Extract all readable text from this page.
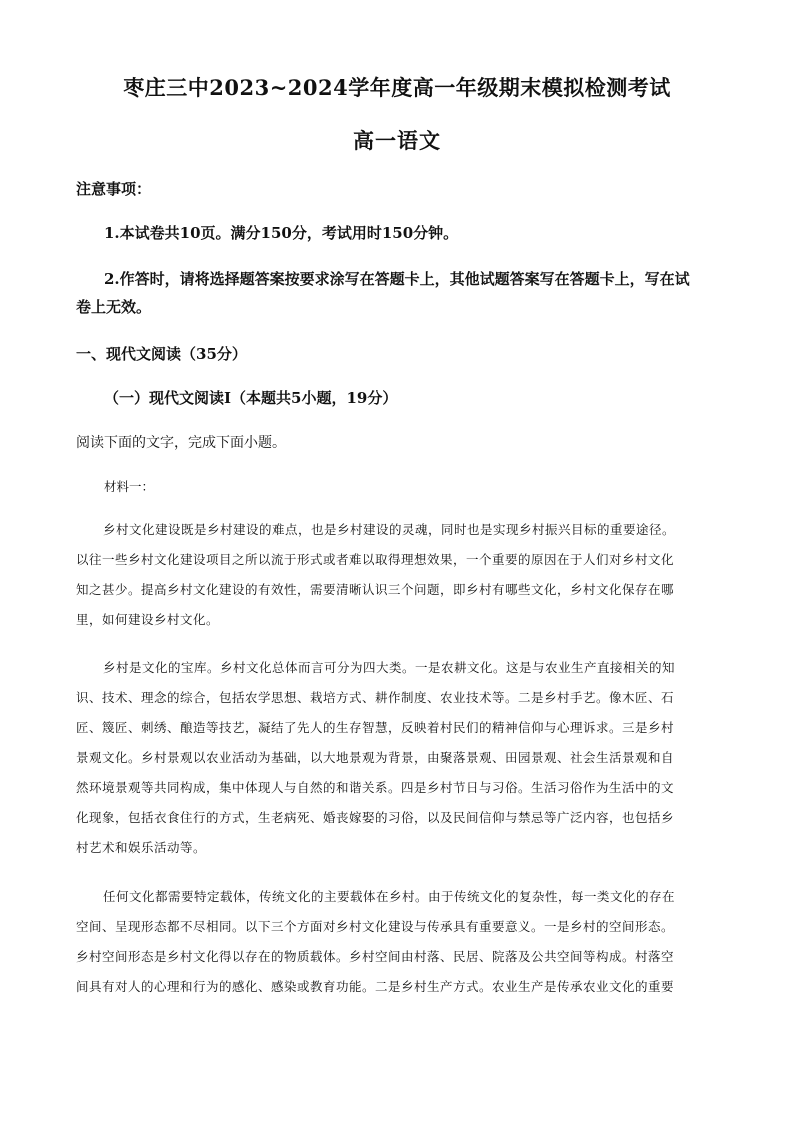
枣庄三中2023~2024学年度高一年级期末模拟检测考试
高一语文
注意事项：
1.本试卷共10页。满分150分，考试用时150分钟。
2.作答时，请将选择题答案按要求涂写在答题卡上，其他试题答案写在答题卡上，写在试
卷上无效。
一、现代文阅读（35分）
（一）现代文阅读Ⅰ（本题共5小题，19分）
阅读下面的文字，完成下面小题。
材料一：
乡村文化建设既是乡村建设的难点，也是乡村建设的灵魂，同时也是实现乡村振兴目标的重要途径。
以往一些乡村文化建设项目之所以流于形式或者难以取得理想效果，一个重要的原因在于人们对乡村文化
知之甚少。提高乡村文化建设的有效性，需要清晰认识三个问题，即乡村有哪些文化，乡村文化保存在哪
里，如何建设乡村文化。
乡村是文化的宝库。乡村文化总体而言可分为四大类。一是农耕文化。这是与农业生产直接相关的知
识、技术、理念的综合，包括农学思想、栽培方式、耕作制度、农业技术等。二是乡村手艺。像木匠、石
匠、篾匠、刺绣、酿造等技艺，凝结了先人的生存智慧，反映着村民们的精神信仰与心理诉求。三是乡村
景观文化。乡村景观以农业活动为基础，以大地景观为背景，由聚落景观、田园景观、社会生活景观和自
然环境景观等共同构成，集中体现人与自然的和谐关系。四是乡村节日与习俗。生活习俗作为生活中的文
化现象，包括衣食住行的方式，生老病死、婚丧嫁娶的习俗，以及民间信仰与禁忌等广泛内容，也包括乡
村艺术和娱乐活动等。
任何文化都需要特定载体，传统文化的主要载体在乡村。由于传统文化的复杂性，每一类文化的存在
空间、呈现形态都不尽相同。以下三个方面对乡村文化建设与传承具有重要意义。一是乡村的空间形态。
乡村空间形态是乡村文化得以存在的物质载体。乡村空间由村落、民居、院落及公共空间等构成。村落空
间具有对人的心理和行为的感化、感染或教育功能。二是乡村生产方式。农业生产是传承农业文化的重要
